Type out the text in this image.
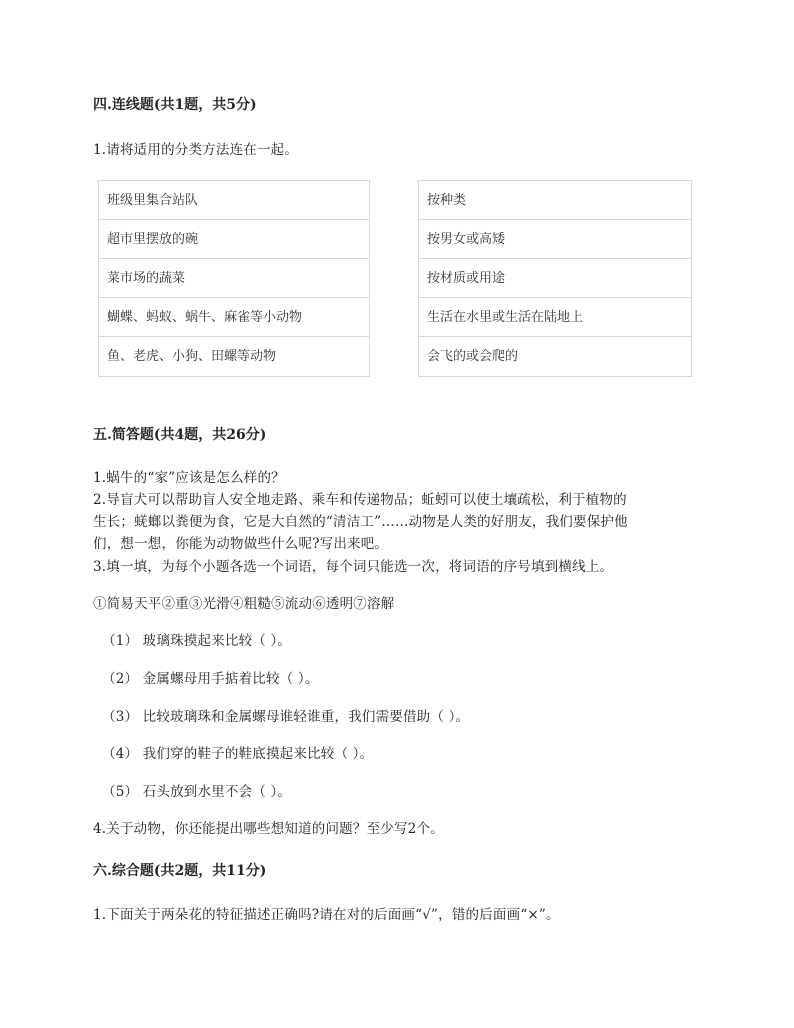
四.连线题(共1题，共5分)
1.请将适用的分类方法连在一起。
班级里集合站队
超市里摆放的碗
菜市场的蔬菜
蝴蝶、蚂蚁、蜗牛、麻雀等小动物
鱼、老虎、小狗、田螺等动物
按种类
按男女或高矮
按材质或用途
生活在水里或生活在陆地上
会飞的或会爬的
五.简答题(共4题，共26分)
1.蜗牛的“家”应该是怎么样的？
2.导盲犬可以帮助盲人安全地走路、乘车和传递物品；蚯蚓可以使土壤疏松，利于植物的
生长；蜣螂以粪便为食，它是大自然的“清洁工”……动物是人类的好朋友，我们要保护他
们，想一想，你能为动物做些什么呢?写出来吧。
3.填一填，为每个小题各选一个词语，每个词只能选一次，将词语的序号填到横线上。
①简易天平②重③光滑④粗糙⑤流动⑥透明⑦溶解
（1） 玻璃珠摸起来比较（ ）。
（2） 金属螺母用手掂着比较（ ）。
（3） 比较玻璃珠和金属螺母谁轻谁重，我们需要借助（ ）。
（4） 我们穿的鞋子的鞋底摸起来比较（ ）。
（5） 石头放到水里不会（ ）。
4.关于动物，你还能提出哪些想知道的问题？至少写2个。
六.综合题(共2题，共11分)
1.下面关于两朵花的特征描述正确吗?请在对的后面画“√”，错的后面画“×”。
